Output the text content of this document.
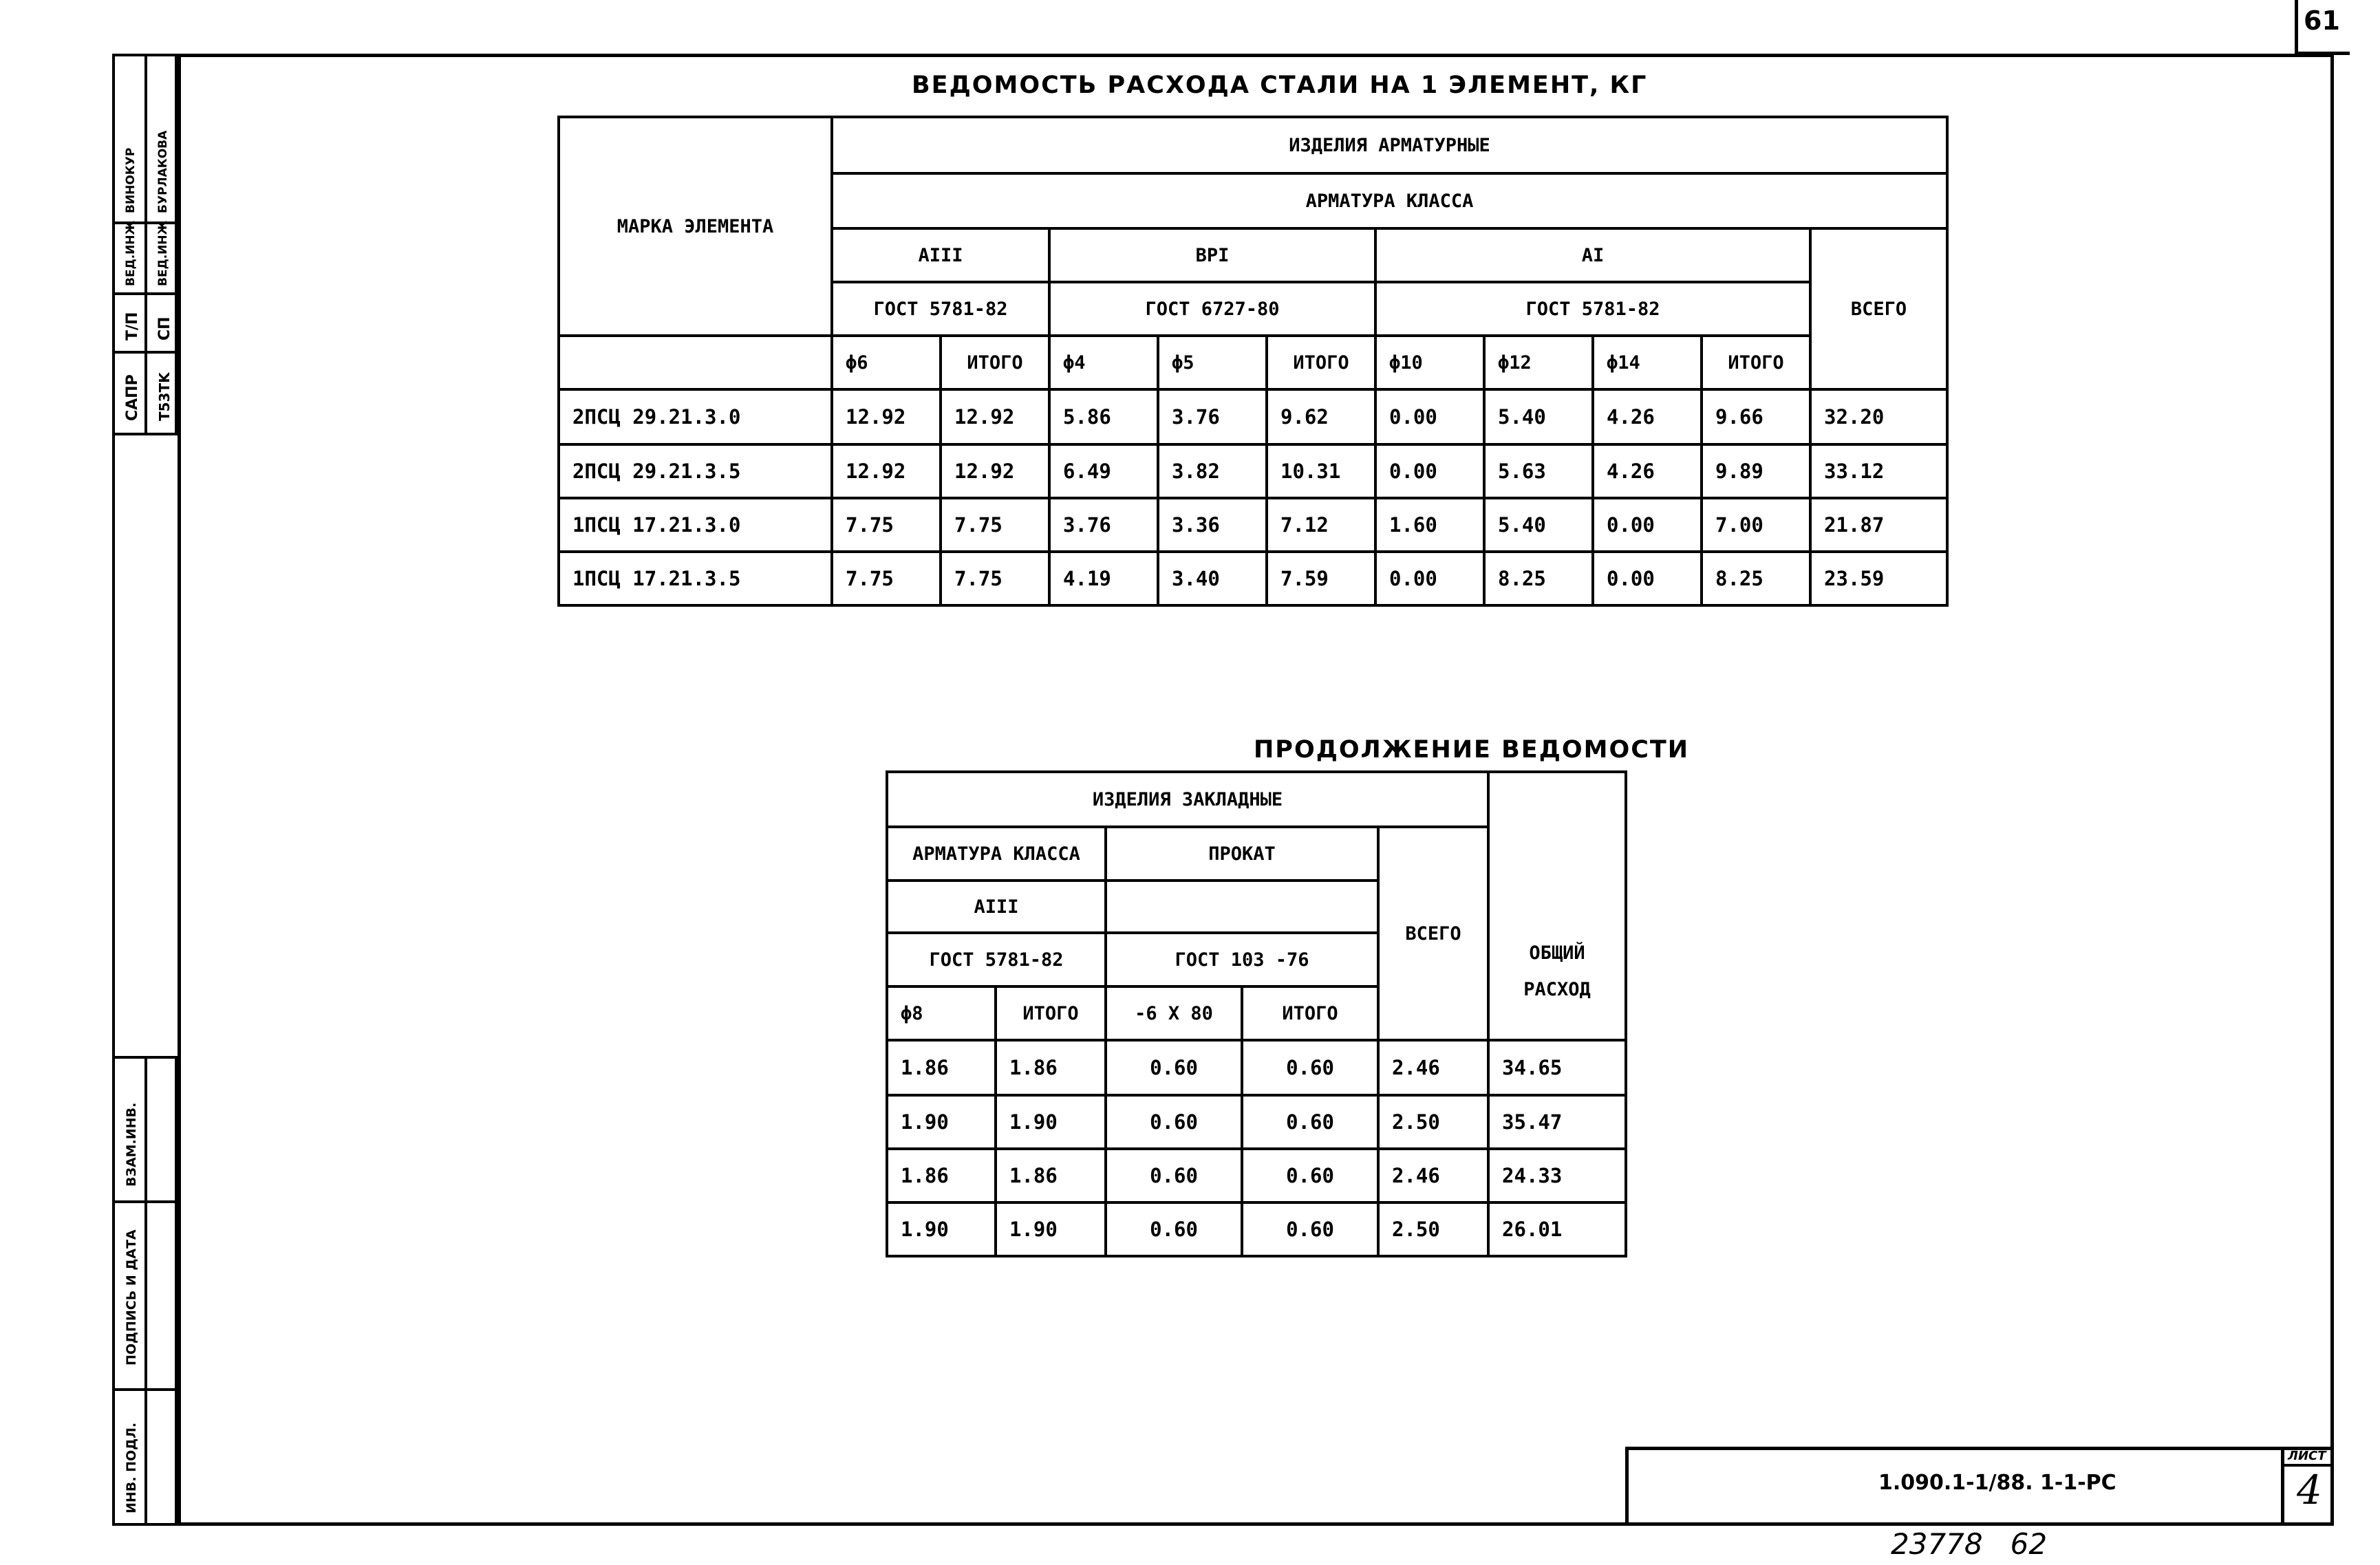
61
ВИНОКУР БУРЛАКОВА
ВЕД.ИНЖ ВЕД.ИНЖ
Т/П СП
САПР T53TK
ВЗАМ.ИНВ.
ПОДПИСЬ И ДАТА
ИНВ. ПОДЛ.
ВЕДОМОСТЬ РАСХОДА СТАЛИ НА 1 ЭЛЕМЕНТ, КГ
МАРКА ЭЛЕМЕНТА	ИЗДЕЛИЯ АРМАТУРНЫЕ									
	АРМАТУРА КЛАССА									
	AIII		BPI			AI				ВСЕГО
	ГОСТ 5781-82		ГОСТ 6727-80			ГОСТ 5781-82				
	ϕ6	ИТОГО	ϕ4	ϕ5	ИТОГО	ϕ10	ϕ12	ϕ14	ИТОГО	
2ПСЦ 29.21.3.0	12.92	12.92	5.86	3.76	9.62	0.00	5.40	4.26	9.66	32.20
2ПСЦ 29.21.3.5	12.92	12.92	6.49	3.82	10.31	0.00	5.63	4.26	9.89	33.12
1ПСЦ 17.21.3.0	7.75	7.75	3.76	3.36	7.12	1.60	5.40	0.00	7.00	21.87
1ПСЦ 17.21.3.5	7.75	7.75	4.19	3.40	7.59	0.00	8.25	0.00	8.25	23.59
ПРОДОЛЖЕНИЕ ВЕДОМОСТИ
ИЗДЕЛИЯ ЗАКЛАДНЫЕ					ОБЩИЙ
РАСХОД

АРМАТУРА КЛАССА		ПРОКАТ		ВСЕГО	
AIII					
ГОСТ 5781-82		ГОСТ 103 -76			
ϕ8	ИТОГО	-6 Х 80	ИТОГО		
1.86	1.86	0.60	0.60	2.46	34.65
1.90	1.90	0.60	0.60	2.50	35.47
1.86	1.86	0.60	0.60	2.46	24.33
1.90	1.90	0.60	0.60	2.50	26.01
1.090.1-1/88. 1-1-РС
ЛИСТ
4
23778 62
